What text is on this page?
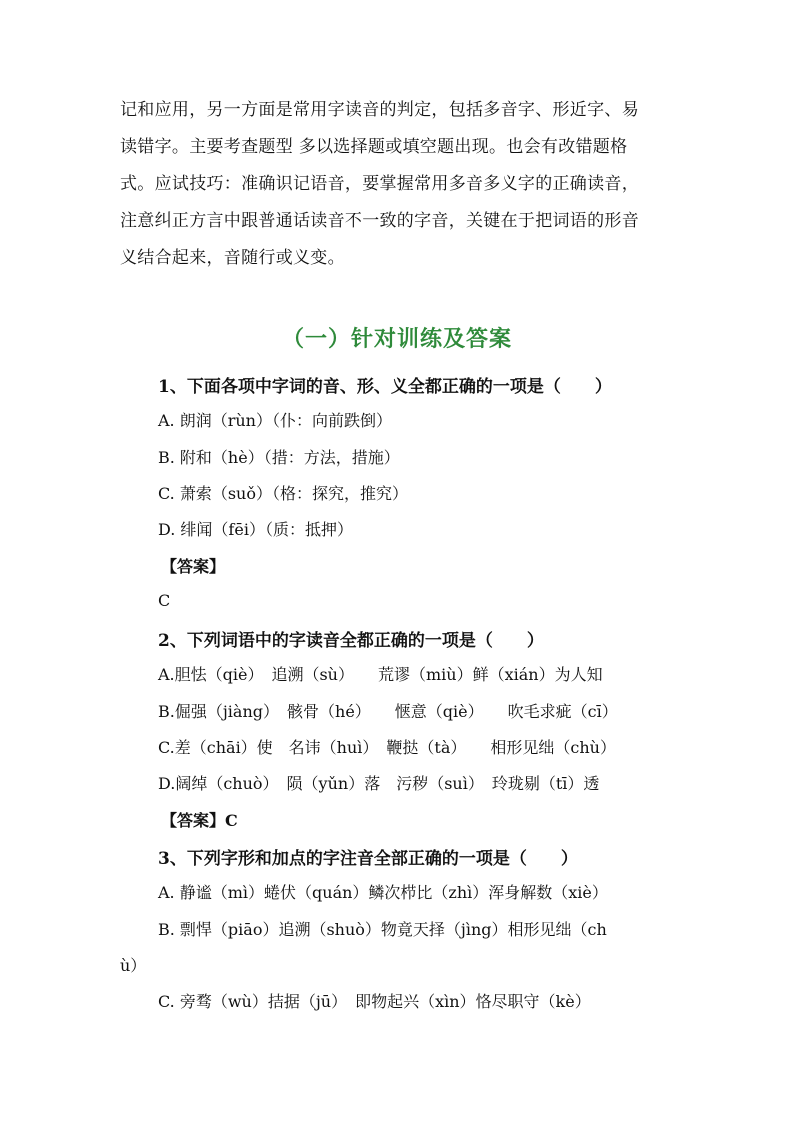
记和应用，另一方面是常用字读音的判定，包括多音字、形近字、易

读错字。主要考查题型 多以选择题或填空题出现。也会有改错题格

式。应试技巧：准确识记语音，要掌握常用多音多义字的正确读音，

注意纠正方言中跟普通话读音不一致的字音，关键在于把词语的形音

义结合起来，音随行或义变。

（一）针对训练及答案
1、下面各项中字词的音、形、义全都正确的一项是（　　）
A. 朗润（rùn）（仆：向前跌倒）
B. 附和（hè）（措：方法，措施）
C. 萧索（suǒ）（格：探究，推究）
D. 绯闻（fēi）（质：抵押）
【答案】
C
2、下列词语中的字读音全都正确的一项是（　　）
A.胆怯（qiè）　追溯（sù）　　荒谬（miù）鲜（xián）为人知
B.倔强（jiàng）　骸骨（hé）　　惬意（qiè）　　吹毛求疵（cī）
C.差（chāi）使　名讳（huì）　鞭挞（tà）　　相形见绌（chù）
D.阔绰（chuò）　陨（yǔn）落　污秽（suì）　玲珑剔（tī）透
【答案】C
3、下列字形和加点的字注音全部正确的一项是（　　）
A. 静谧（mì）蜷伏（quán）鳞次栉比（zhì）浑身解数（xiè）
B. 剽悍（piāo）追溯（shuò）物竟天择（jìng）相形见绌（ch
ù）
C. 旁骛（wù）拮据（jū）　即物起兴（xìn）恪尽职守（kè）
